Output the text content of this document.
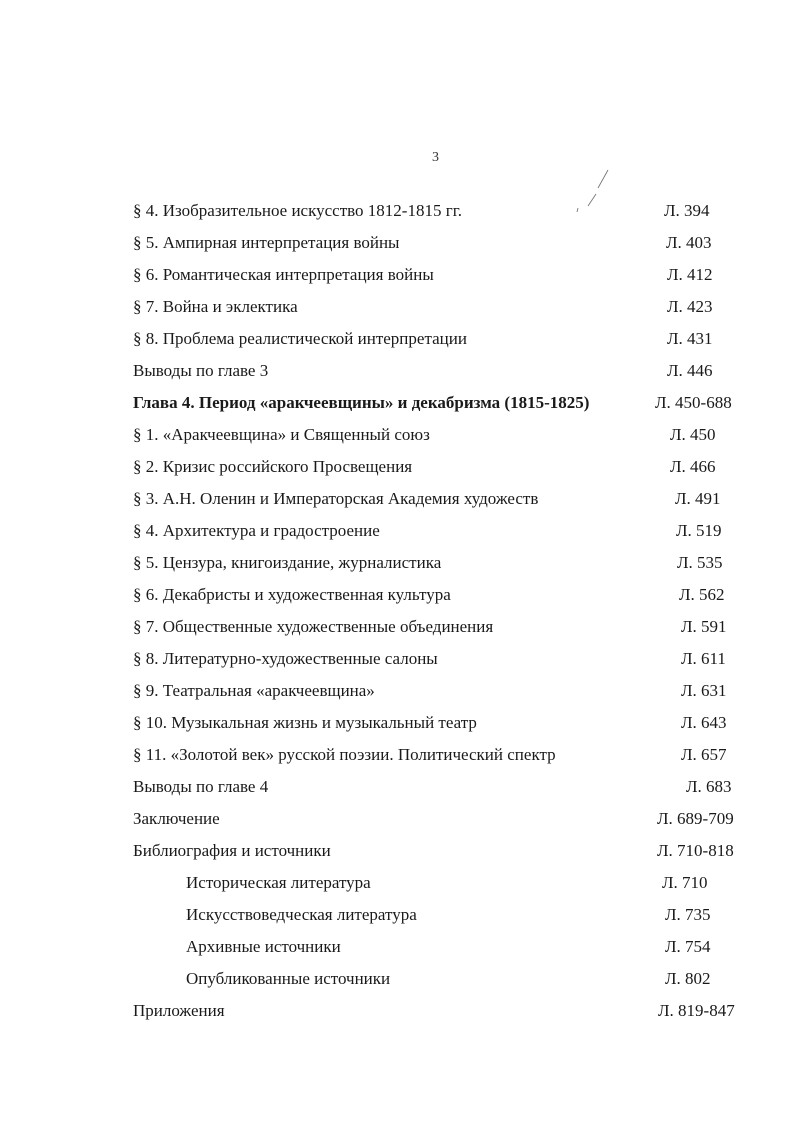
3
§ 4. Изобразительное искусство 1812-1815 гг.	Л. 394
§ 5. Ампирная интерпретация войны	Л. 403
§ 6. Романтическая интерпретация войны	Л. 412
§ 7. Война и эклектика	Л. 423
§ 8. Проблема реалистической интерпретации	Л. 431
Выводы по главе 3	Л. 446
Глава 4. Период «аракчеевщины» и декабризма (1815-1825)	Л. 450-688
§ 1. «Аракчеевщина» и Священный союз	Л. 450
§ 2. Кризис российского Просвещения	Л. 466
§ 3. А.Н. Оленин и Императорская Академия художеств	Л. 491
§ 4. Архитектура и градостроение	Л. 519
§ 5. Цензура, книгоиздание, журналистика	Л. 535
§ 6. Декабристы и художественная культура	Л. 562
§ 7. Общественные художественные объединения	Л. 591
§ 8. Литературно-художественные салоны	Л. 611
§ 9. Театральная «аракчеевщина»	Л. 631
§ 10. Музыкальная жизнь и музыкальный театр	Л. 643
§ 11. «Золотой век» русской поэзии. Политический спектр	Л. 657
Выводы по главе 4	Л. 683
Заключение	Л. 689-709
Библиография и источники	Л. 710-818
Историческая литература	Л. 710
Искусствоведческая литература	Л. 735
Архивные источники	Л. 754
Опубликованные источники	Л. 802
Приложения	Л. 819-847
